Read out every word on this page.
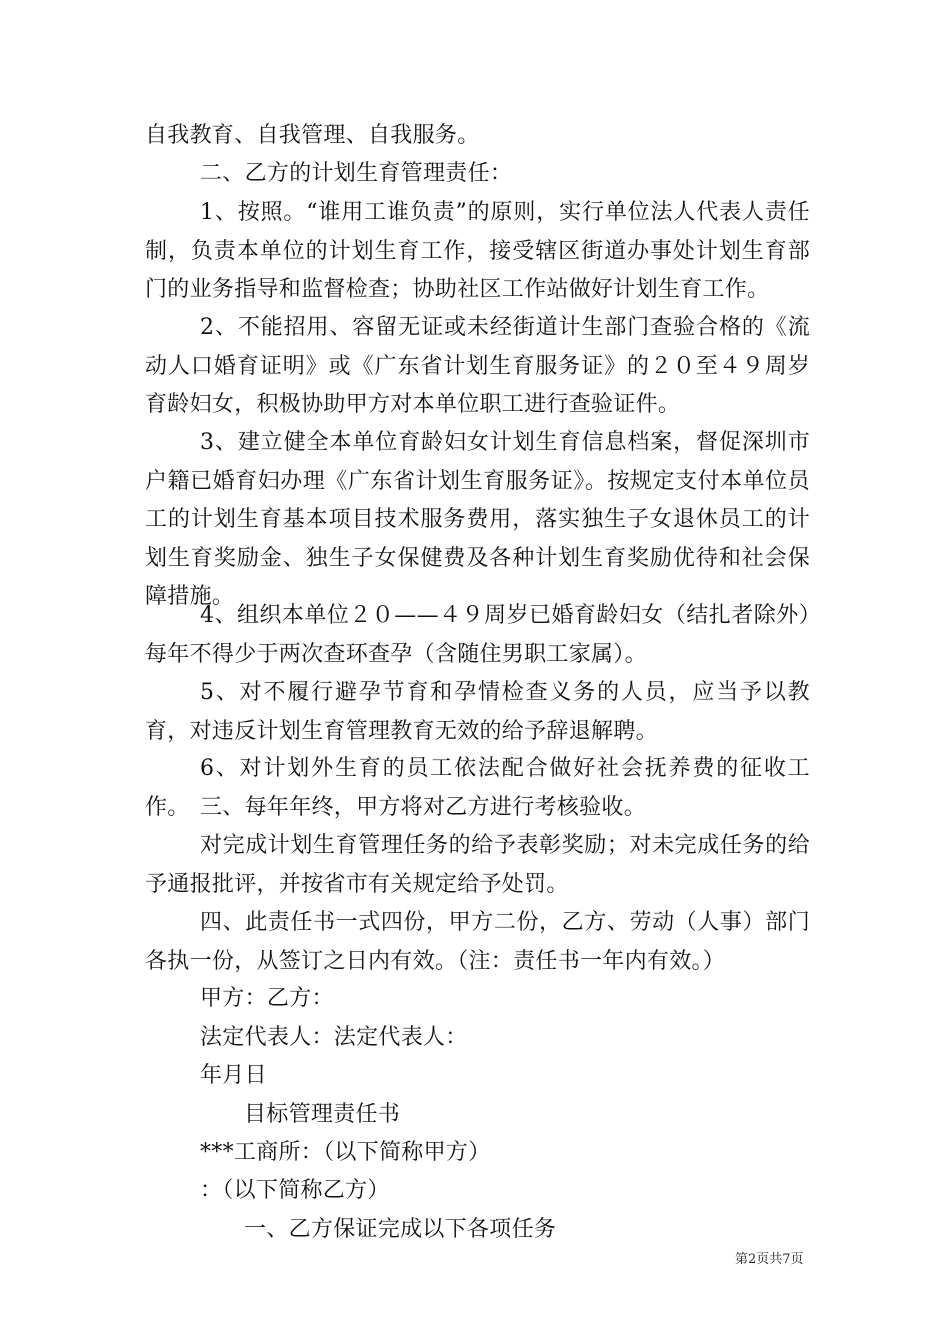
自我教育、自我管理、自我服务。

二、乙方的计划生育管理责任：

1、按照。“谁用工谁负责”的原则，实行单位法人代表人责任制，负责本单位的计划生育工作，接受辖区街道办事处计划生育部门的业务指导和监督检查；协助社区工作站做好计划生育工作。

2、不能招用、容留无证或未经街道计生部门查验合格的《流动人口婚育证明》或《广东省计划生育服务证》的２０至４９周岁育龄妇女，积极协助甲方对本单位职工进行查验证件。

3、建立健全本单位育龄妇女计划生育信息档案，督促深圳市户籍已婚育妇办理《广东省计划生育服务证》。按规定支付本单位员工的计划生育基本项目技术服务费用，落实独生子女退休员工的计划生育奖励金、独生子女保健费及各种计划生育奖励优待和社会保障措施。

4、组织本单位２０——４９周岁已婚育龄妇女（结扎者除外）每年不得少于两次查环查孕（含随住男职工家属）。

5、对不履行避孕节育和孕情检查义务的人员，应当予以教育，对违反计划生育管理教育无效的给予辞退解聘。

6、对计划外生育的员工依法配合做好社会抚养费的征收工作。 三、每年年终，甲方将对乙方进行考核验收。

对完成计划生育管理任务的给予表彰奖励；对未完成任务的给予通报批评，并按省市有关规定给予处罚。

四、此责任书一式四份，甲方二份，乙方、劳动（人事）部门各执一份，从签订之日内有效。（注：责任书一年内有效。）

甲方：乙方：

法定代表人：法定代表人：

年月日

目标管理责任书

***工商所：（以下简称甲方）

：（以下简称乙方）

一、乙方保证完成以下各项任务

第2页共7页
